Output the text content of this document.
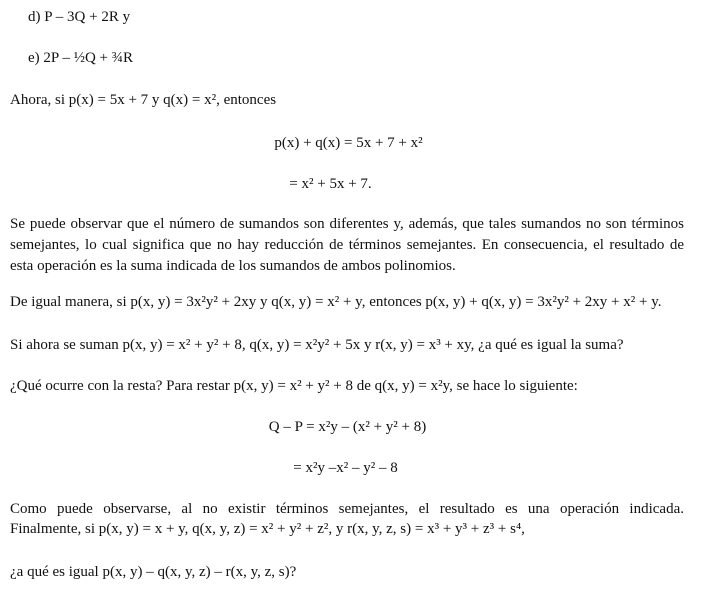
d) P – 3Q + 2R y
e) 2P – ½Q + ¾R
Ahora, si p(x) = 5x + 7 y q(x) = x², entonces
p(x) + q(x) = 5x + 7 + x²
= x² + 5x + 7.
Se puede observar que el número de sumandos son diferentes y, además, que tales sumandos no son términos semejantes, lo cual significa que no hay reducción de términos semejantes. En consecuencia, el resultado de esta operación es la suma indicada de los sumandos de ambos polinomios.
De igual manera, si p(x, y) = 3x²y² + 2xy y q(x, y) = x² + y, entonces p(x, y) + q(x, y) = 3x²y² + 2xy + x² + y.
Si ahora se suman p(x, y) = x² + y² + 8, q(x, y) = x²y² + 5x y r(x, y) = x³ + xy, ¿a qué es igual la suma?
¿Qué ocurre con la resta? Para restar p(x, y) = x² + y² + 8 de q(x, y) = x²y, se hace lo siguiente:
Q – P = x²y – (x² + y² + 8)
= x²y –x² – y² – 8
Como puede observarse, al no existir términos semejantes, el resultado es una operación indicada.
Finalmente, si p(x, y) = x + y, q(x, y, z) = x² + y² + z², y r(x, y, z, s) = x³ + y³ + z³ + s⁴,
¿a qué es igual p(x, y) – q(x, y, z) – r(x, y, z, s)?
